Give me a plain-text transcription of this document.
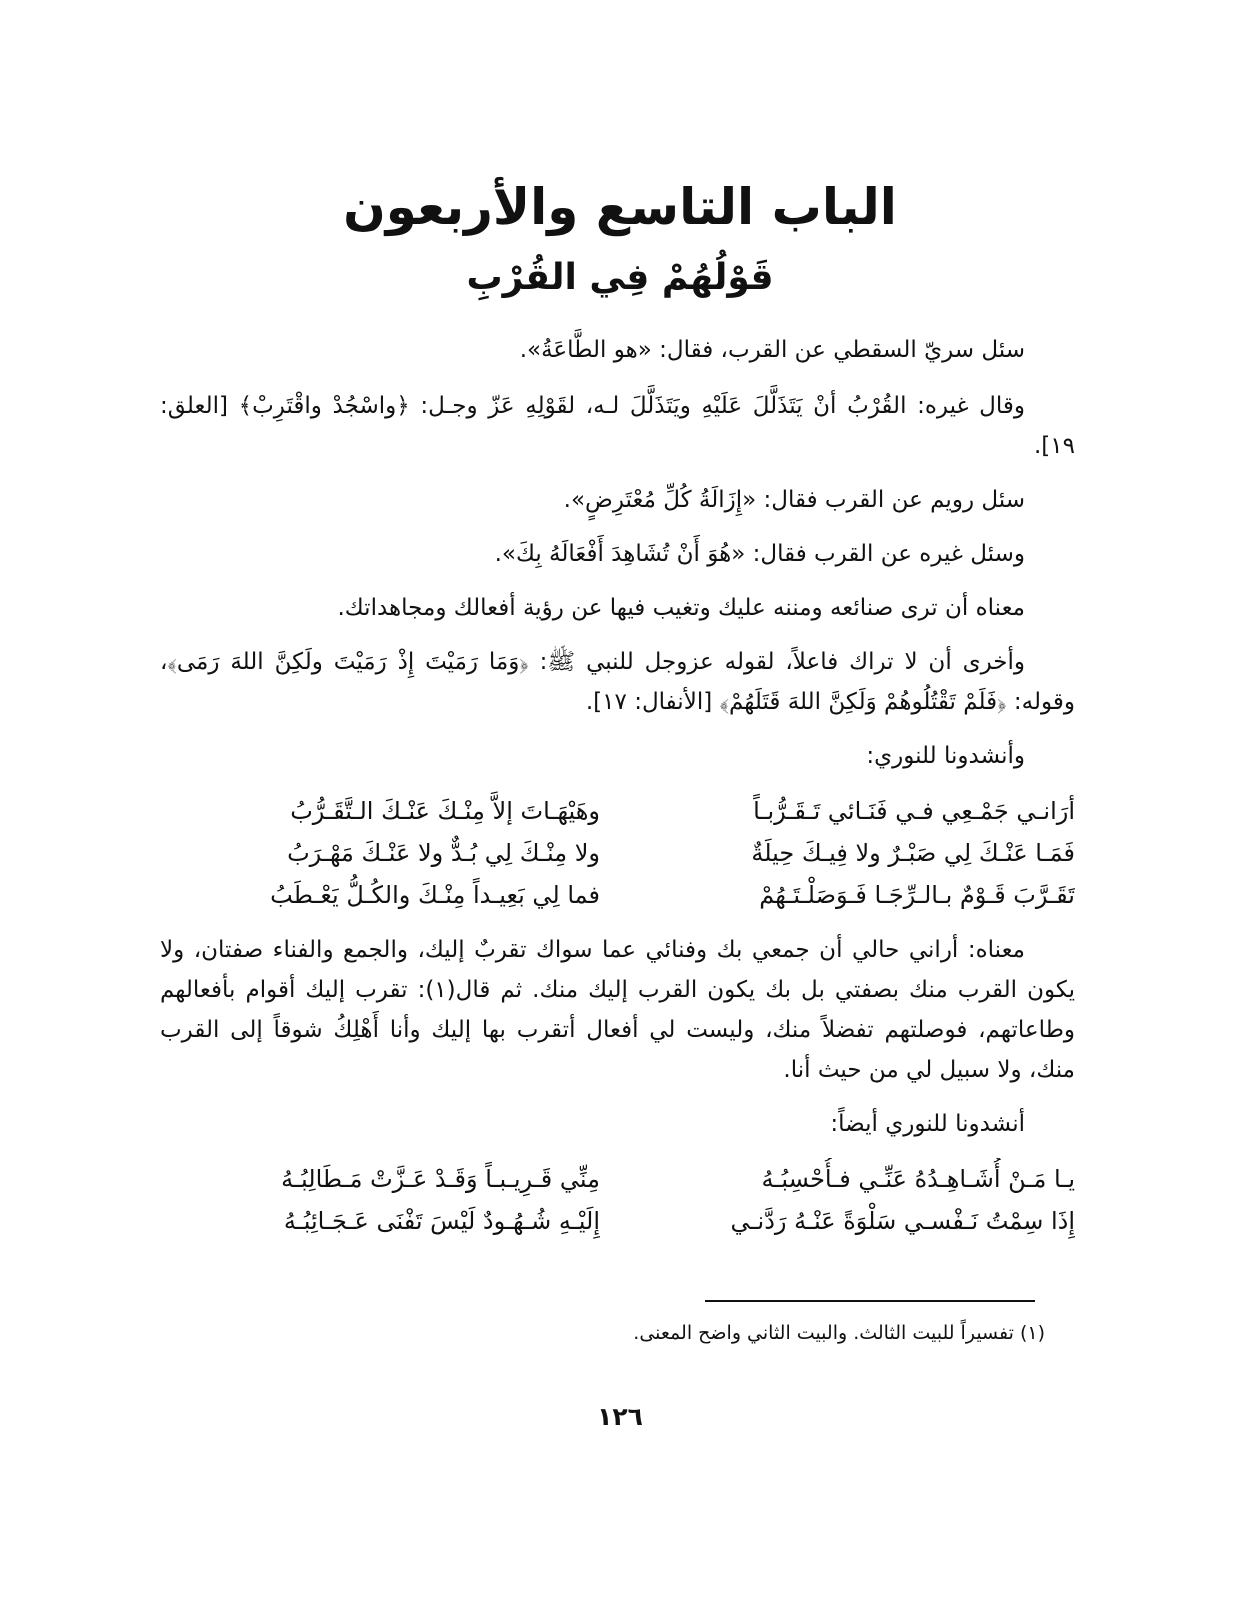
الباب التاسع والأربعون
قَوْلُهُمْ فِي القُرْبِ

سئل سريّ السقطي عن القرب، فقال: «هو الطَّاعَةُ».

وقال غيره: القُرْبُ أنْ يَتَذَلَّلَ عَلَيْهِ ويَتَذَلَّلَ لـه، لقَوْلِهِ عَزّ وجـل: ﴿واسْجُدْ واقْتَرِبْ﴾ [العلق: ١٩].

سئل رويم عن القرب فقال: «إِزَالَةُ كُلِّ مُعْتَرِضٍ».

وسئل غيره عن القرب فقال: «هُوَ أَنْ تُشَاهِدَ أَفْعَالَهُ بِكَ».

معناه أن ترى صنائعه ومننه عليك وتغيب فيها عن رؤية أفعالك ومجاهداتك.

وأخرى أن لا تراك فاعلاً، لقوله عزوجل للنبي ﷺ: ﴿وَمَا رَمَيْتَ إِذْ رَمَيْتَ ولَكِنَّ اللهَ رَمَى﴾، وقوله: ﴿فَلَمْ تَقْتُلُوهُمْ وَلَكِنَّ اللهَ قَتَلَهُمْ﴾ [الأنفال: ١٧].

وأنشدونا للنوري:

أرَانـي جَمْـعِي فـي فَنَـائي تَـقَـرُّبـاً
وهَيْهَـاتَ إلاَّ مِنْـكَ عَنْـكَ الـتَّقَـرُّبُ
فَمَـا عَنْـكَ لِي صَبْـرٌ ولا فِيـكَ حِيلَةٌ
ولا مِنْـكَ لِي بُـدٌّ ولا عَنْـكَ مَهْـرَبُ
تَقَـرَّبَ قَـوْمٌ بـالـرِّجَـا فَـوَصَلْـتَـهُمْ
فما لِي بَعِيـداً مِنْـكَ والكُـلُّ يَعْـطَبُ

معناه: أراني حالي أن جمعي بك وفنائي عما سواك تقربٌ إليك، والجمع والفناء صفتان، ولا يكون القرب منك بصفتي بل بك يكون القرب إليك منك. ثم قال(١): تقرب إليك أقوام بأفعالهم وطاعاتهم، فوصلتهم تفضلاً منك، وليست لي أفعال أتقرب بها إليك وأنا أَهْلِكُ شوقاً إلى القرب منك، ولا سبيل لي من حيث أنا.

أنشدونا للنوري أيضاً:

يـا مَـنْ أُشَـاهِـدُهُ عَنِّـي فـأُحْسِبُـهُ
مِنِّي قَـرِيـبـاً وَقَـدْ عَـزَّتْ مَـطَالِبُـهُ
إِذَا سِمْتُ نَـفْسـي سَلْوَةً عَنْـهُ رَدَّنـي
إِلَيْـهِ شُـهُـودٌ لَيْسَ تَفْنَى عَـجَـائِبُـهُ
(١) تفسيراً للبيت الثالث. والبيت الثاني واضح المعنى.
١٢٦
